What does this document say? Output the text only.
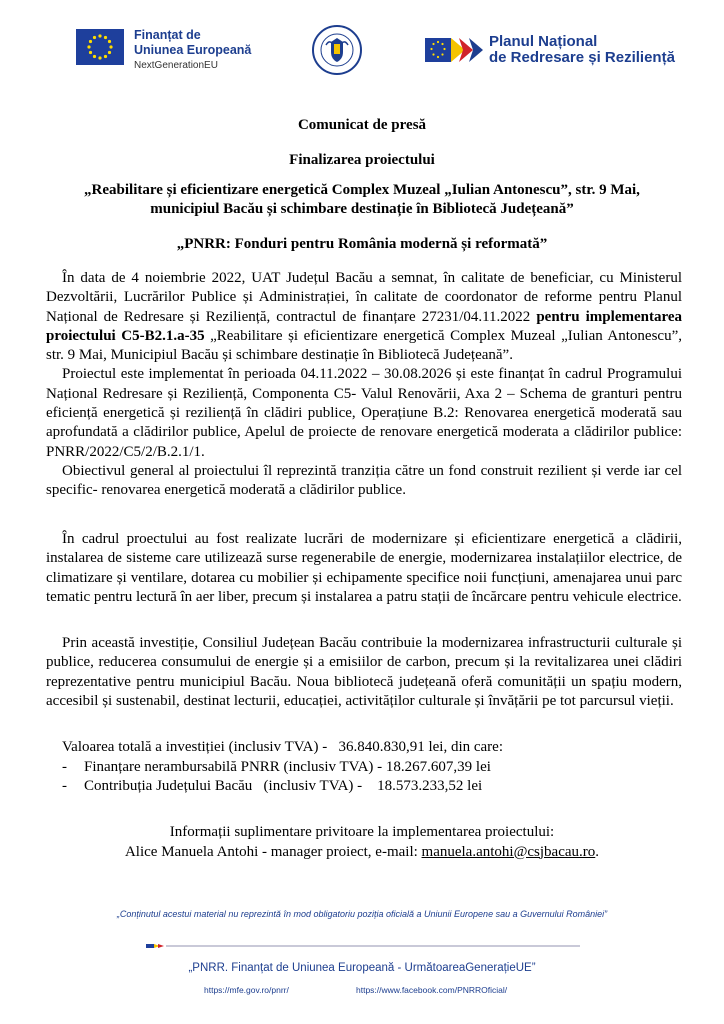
Finanțat de
Uniunea Europeană
NextGenerationEU
Planul Național
de Redresare și Reziliență
Comunicat de presă
Finalizarea proiectului
„Reabilitare și eficientizare energetică Complex Muzeal „Iulian Antonescu”, str. 9 Mai,
municipiul Bacău și schimbare destinație în Bibliotecă Județeană”
„PNRR: Fonduri pentru România modernă și reformată”

În data de 4 noiembrie 2022, UAT Județul Bacău a semnat, în calitate de beneficiar, cu Ministerul Dezvoltării, Lucrărilor Publice și Administrației, în calitate de coordonator de reforme pentru Planul Național de Redresare și Reziliență, contractul de finanțare 27231/04.11.2022 pentru implementarea proiectului C5-B2.1.a-35 „Reabilitare și eficientizare energetică Complex Muzeal „Iulian Antonescu”, str. 9 Mai, Municipiul Bacău și schimbare destinație în Bibliotecă Județeană”.

Proiectul este implementat în perioada 04.11.2022 – 30.08.2026 și este finanțat în cadrul Programului Național Redresare și Reziliență, Componenta C5- Valul Renovării, Axa 2 – Schema de granturi pentru eficiență energetică și reziliență în clădiri publice, Operațiune B.2: Renovarea energetică moderată sau aprofundată a clădirilor publice, Apelul de proiecte de renovare energetică moderata a clădirilor publice: PNRR/2022/C5/2/B.2.1/1.

Obiectivul general al proiectului îl reprezintă tranziția către un fond construit rezilient și verde iar cel specific- renovarea energetică moderată a clădirilor publice.

În cadrul proectului au fost realizate lucrări de modernizare și eficientizare energetică a clădirii, instalarea de sisteme care utilizează surse regenerabile de energie, modernizarea instalațiilor electrice, de climatizare și ventilare, dotarea cu mobilier și echipamente specifice noii funcțiuni, amenajarea unui parc tematic pentru lectură în aer liber, precum și instalarea a patru stații de încărcare pentru vehicule electrice.

Prin această investiție, Consiliul Județean Bacău contribuie la modernizarea infrastructurii culturale și publice, reducerea consumului de energie și a emisiilor de carbon, precum și la revitalizarea unei clădiri reprezentative pentru municipiul Bacău. Noua bibliotecă județeană oferă comunității un spațiu modern, accesibil și sustenabil, destinat lecturii, educației, activităților culturale și învățării pe tot parcursul vieții.

Valoarea totală a investiției (inclusiv TVA) -   36.840.830,91 lei, din care:
- Finanțare nerambursabilă PNRR (inclusiv TVA) - 18.267.607,39 lei
- Contribuția Județului Bacău   (inclusiv TVA) -    18.573.233,52 lei
Informații suplimentare privitoare la implementarea proiectului:
Alice Manuela Antohi - manager proiect, e-mail: manuela.antohi@csjbacau.ro.
„Conținutul acestui material nu reprezintă în mod obligatoriu poziția oficială a Uniunii Europene sau a Guvernului României”
„PNRR. Finanțat de Uniunea Europeană - UrmătoareaGenerațieUE”
https://mfe.gov.ro/pnrr/	https://www.facebook.com/PNRROficial/
